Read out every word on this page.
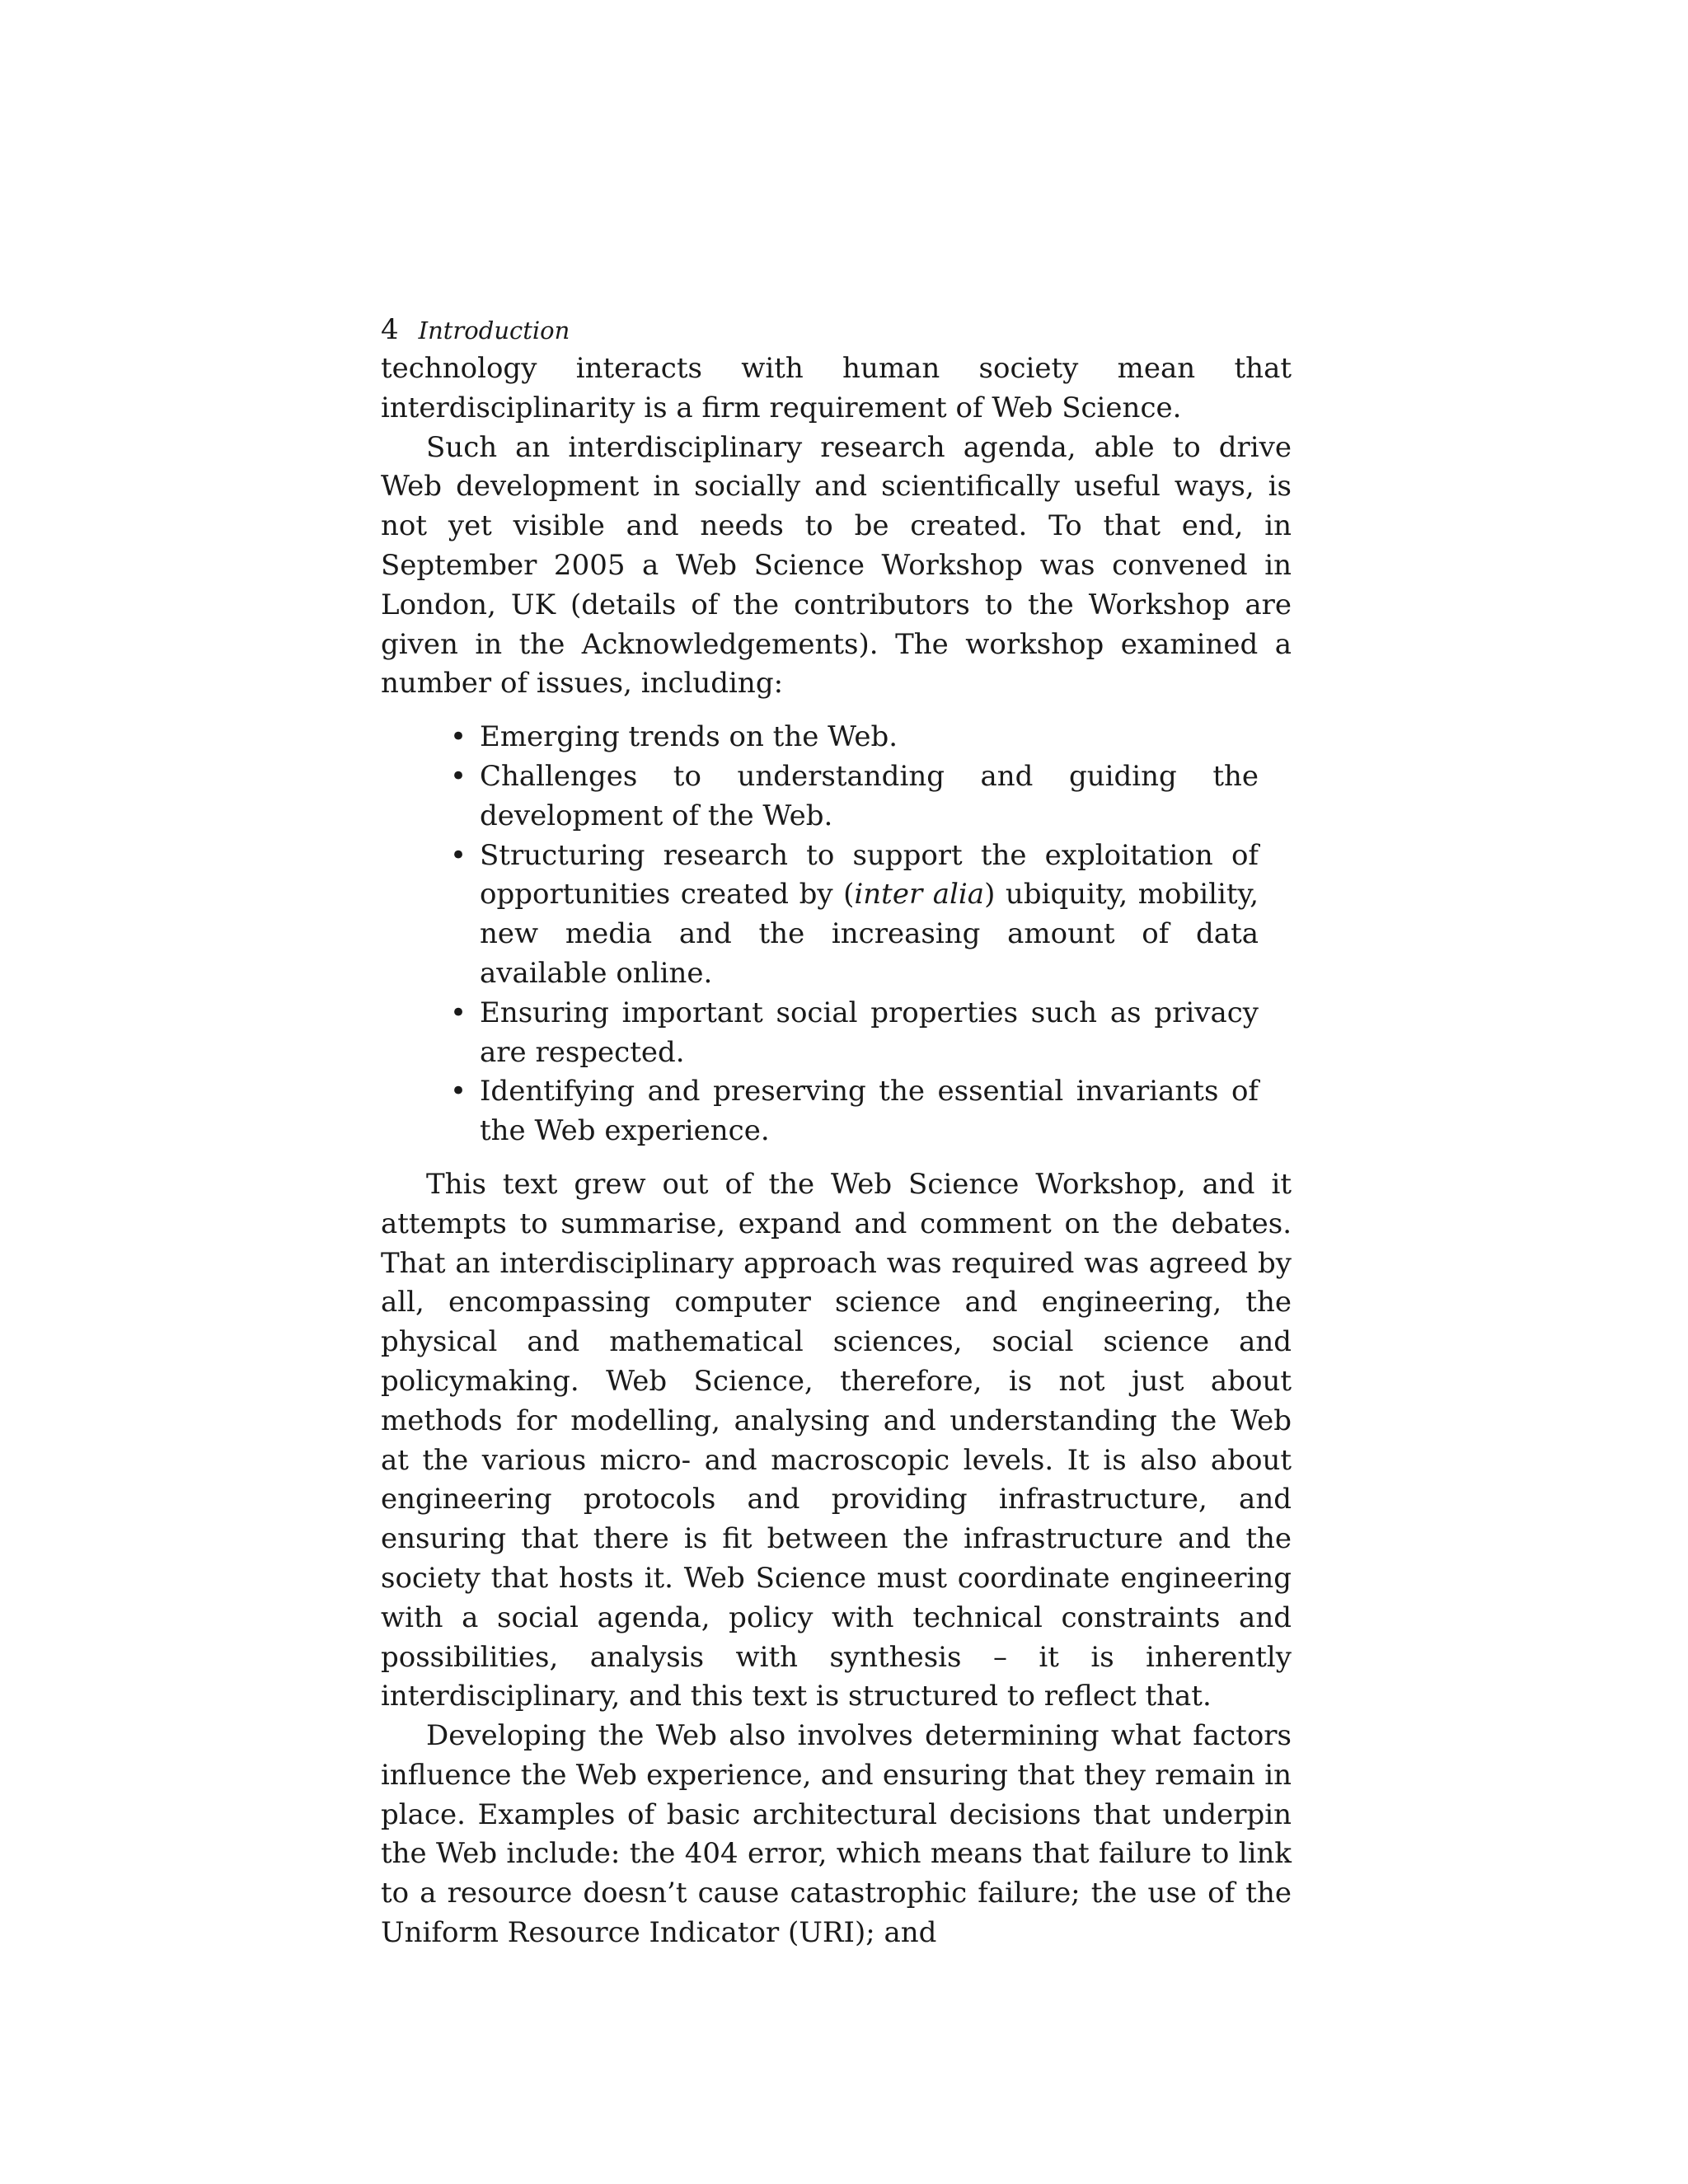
4 Introduction

technology interacts with human society mean that interdisciplinarity is a firm requirement of Web Science.

Such an interdisciplinary research agenda, able to drive Web development in socially and scientifically useful ways, is not yet visible and needs to be created. To that end, in September 2005 a Web Science Workshop was convened in London, UK (details of the contributors to the Workshop are given in the Acknowledgements). The workshop examined a number of issues, including:

• Emerging trends on the Web.
• Challenges to understanding and guiding the development of the Web.
• Structuring research to support the exploitation of opportunities created by (inter alia) ubiquity, mobility, new media and the increasing amount of data available online.
• Ensuring important social properties such as privacy are respected.
• Identifying and preserving the essential invariants of the Web experience.

This text grew out of the Web Science Workshop, and it attempts to summarise, expand and comment on the debates. That an interdisciplinary approach was required was agreed by all, encompassing computer science and engineering, the physical and mathematical sciences, social science and policymaking. Web Science, therefore, is not just about methods for modelling, analysing and understanding the Web at the various micro- and macroscopic levels. It is also about engineering protocols and providing infrastructure, and ensuring that there is fit between the infrastructure and the society that hosts it. Web Science must coordinate engineering with a social agenda, policy with technical constraints and possibilities, analysis with synthesis – it is inherently interdisciplinary, and this text is structured to reflect that.

Developing the Web also involves determining what factors influence the Web experience, and ensuring that they remain in place. Examples of basic architectural decisions that underpin the Web include: the 404 error, which means that failure to link to a resource doesn’t cause catastrophic failure; the use of the Uniform Resource Indicator (URI); and
